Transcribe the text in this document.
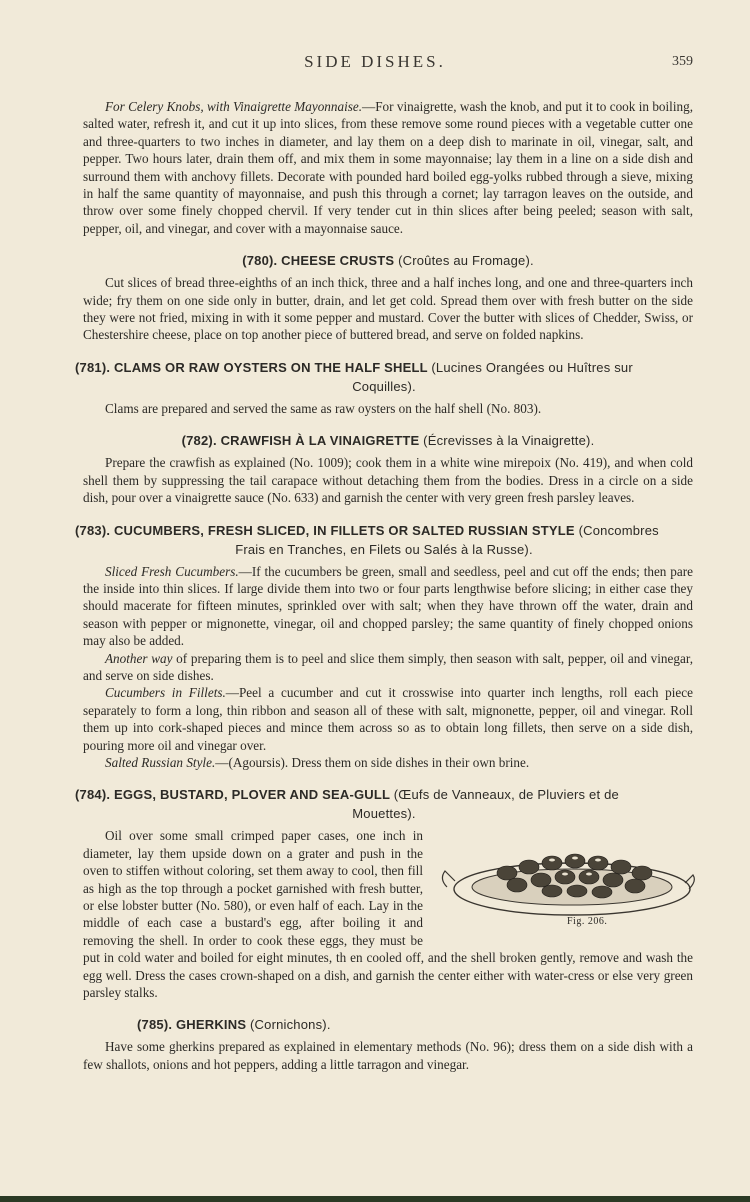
SIDE DISHES.	359

For Celery Knobs, with Vinaigrette Mayonnaise.—For vinaigrette, wash the knob, and put it to cook in boiling, salted water, refresh it, and cut it up into slices, from these remove some round pieces with a vegetable cutter one and three-quarters to two inches in diameter, and lay them on a deep dish to marinate in oil, vinegar, salt, and pepper. Two hours later, drain them off, and mix them in some mayonnaise; lay them in a line on a side dish and surround them with anchovy fillets. Decorate with pounded hard boiled egg-yolks rubbed through a sieve, mixing in half the same quantity of mayonnaise, and push this through a cornet; lay tarragon leaves on the outside, and throw over some finely chopped chervil. If very tender cut in thin slices after being peeled; season with salt, pepper, oil, and vinegar, and cover with a mayonnaise sauce.

(780). CHEESE CRUSTS (Croûtes au Fromage).

Cut slices of bread three-eighths of an inch thick, three and a half inches long, and one and three-quarters inch wide; fry them on one side only in butter, drain, and let get cold. Spread them over with fresh butter on the side they were not fried, mixing in with it some pepper and mustard. Cover the butter with slices of Chedder, Swiss, or Chestershire cheese, place on top another piece of buttered bread, and serve on folded napkins.

(781). CLAMS OR RAW OYSTERS ON THE HALF SHELL (Lucines Orangées ou Huîtres sur
Coquilles).

Clams are prepared and served the same as raw oysters on the half shell (No. 803).

(782). CRAWFISH À LA VINAIGRETTE (Écrevisses à la Vinaigrette).

Prepare the crawfish as explained (No. 1009); cook them in a white wine mirepoix (No. 419), and when cold shell them by suppressing the tail carapace without detaching them from the bodies. Dress in a circle on a side dish, pour over a vinaigrette sauce (No. 633) and garnish the center with very green fresh parsley leaves.

(783). CUCUMBERS, FRESH SLICED, IN FILLETS OR SALTED RUSSIAN STYLE (Concombres
Frais en Tranches, en Filets ou Salés à la Russe).

Sliced Fresh Cucumbers.—If the cucumbers be green, small and seedless, peel and cut off the ends; then pare the inside into thin slices. If large divide them into two or four parts lengthwise before slicing; in either case they should macerate for fifteen minutes, sprinkled over with salt; when they have thrown off the water, drain and season with pepper or mignonette, vinegar, oil and chopped parsley; the same quantity of finely chopped onions may also be added.

Another way of preparing them is to peel and slice them simply, then season with salt, pepper, oil and vinegar, and serve on side dishes.

Cucumbers in Fillets.—Peel a cucumber and cut it crosswise into quarter inch lengths, roll each piece separately to form a long, thin ribbon and season all of these with salt, mignonette, pepper, oil and vinegar. Roll them up into cork-shaped pieces and mince them across so as to obtain long fillets, then serve on a side dish, pouring more oil and vinegar over.

Salted Russian Style.—(Agoursis). Dress them on side dishes in their own brine.

(784). EGGS, BUSTARD, PLOVER AND SEA-GULL (Œufs de Vanneaux, de Pluviers et de
Mouettes).
Fig. 206.

Oil over some small crimped paper cases, one inch in diameter, lay them upside down on a grater and push in the oven to stiffen without coloring, set them away to cool, then fill as high as the top through a pocket garnished with fresh butter, or else lobster butter (No. 580), or even half of each. Lay in the middle of each case a bustard's egg, after boiling it and removing the shell. In order to cook these eggs, they must be put in cold water and boiled for eight minutes, th en cooled off, and the shell broken gently, remove and wash the egg well. Dress the cases crown-shaped on a dish, and garnish the center either with water-cress or else very green parsley stalks.

(785). GHERKINS (Cornichons).

Have some gherkins prepared as explained in elementary methods (No. 96); dress them on a side dish with a few shallots, onions and hot peppers, adding a little tarragon and vinegar.
